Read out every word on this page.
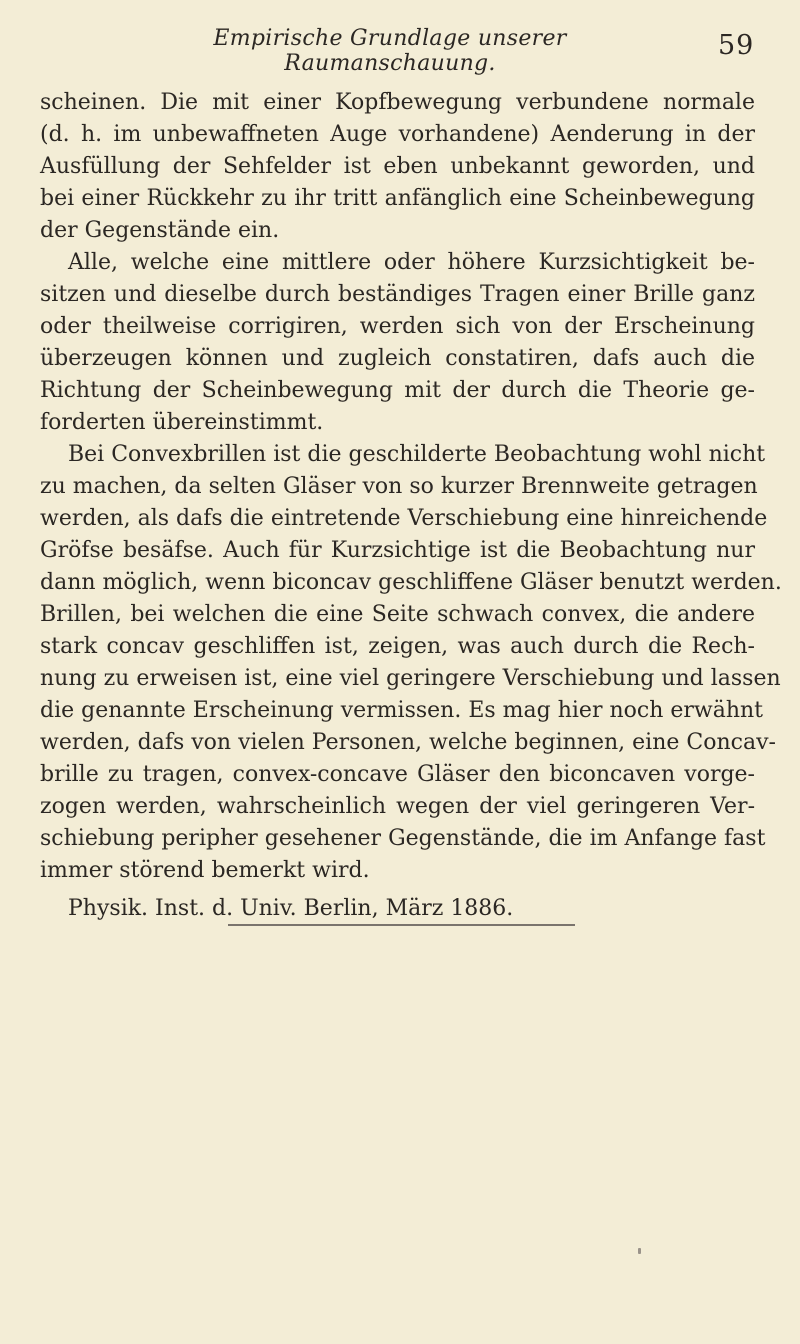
Empirische Grundlage unserer Raumanschauung.
59
scheinen. Die mit einer Kopfbewegung verbundene normale
(d. h. im unbewaffneten Auge vorhandene) Aenderung in der
Ausfüllung der Sehfelder ist eben unbekannt geworden, und
bei einer Rückkehr zu ihr tritt anfänglich eine Scheinbewegung
der Gegenstände ein.
Alle, welche eine mittlere oder höhere Kurzsichtigkeit be-
sitzen und dieselbe durch beständiges Tragen einer Brille ganz
oder theilweise corrigiren, werden sich von der Erscheinung
überzeugen können und zugleich constatiren, dafs auch die
Richtung der Scheinbewegung mit der durch die Theorie ge-
forderten übereinstimmt.
Bei Convexbrillen ist die geschilderte Beobachtung wohl nicht
zu machen, da selten Gläser von so kurzer Brennweite getragen
werden, als dafs die eintretende Verschiebung eine hinreichende
Gröfse besäfse. Auch für Kurzsichtige ist die Beobachtung nur
dann möglich, wenn biconcav geschliffene Gläser benutzt werden.
Brillen, bei welchen die eine Seite schwach convex, die andere
stark concav geschliffen ist, zeigen, was auch durch die Rech-
nung zu erweisen ist, eine viel geringere Verschiebung und lassen
die genannte Erscheinung vermissen. Es mag hier noch erwähnt
werden, dafs von vielen Personen, welche beginnen, eine Concav-
brille zu tragen, convex-concave Gläser den biconcaven vorge-
zogen werden, wahrscheinlich wegen der viel geringeren Ver-
schiebung peripher gesehener Gegenstände, die im Anfange fast
immer störend bemerkt wird.
Physik. Inst. d. Univ. Berlin, März 1886.
